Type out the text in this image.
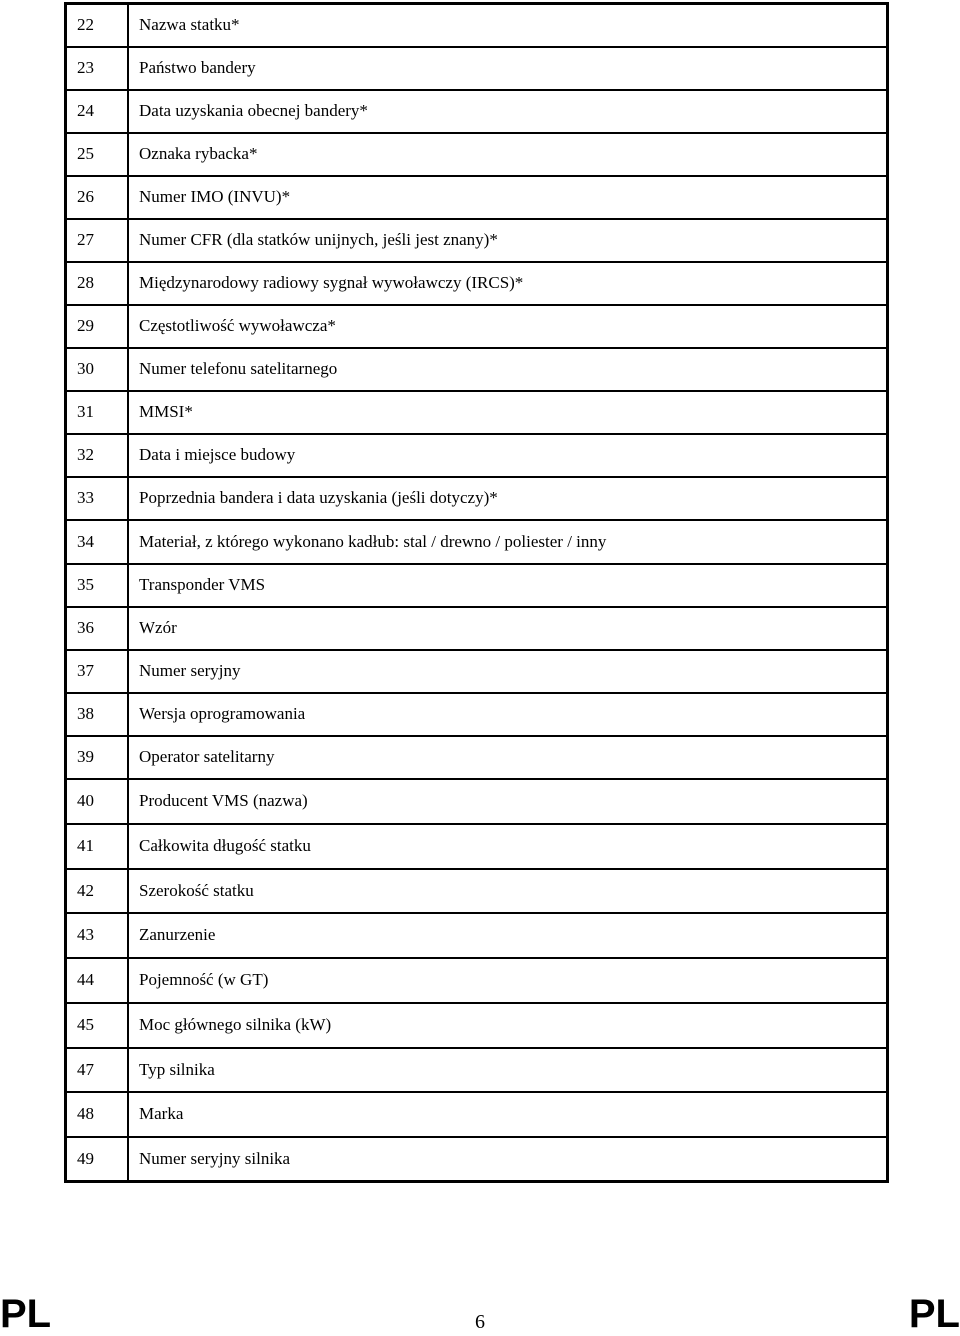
22	Nazwa statku*
23	Państwo bandery
24	Data uzyskania obecnej bandery*
25	Oznaka rybacka*
26	Numer IMO (INVU)*
27	Numer CFR (dla statków unijnych, jeśli jest znany)*
28	Międzynarodowy radiowy sygnał wywoławczy (IRCS)*
29	Częstotliwość wywoławcza*
30	Numer telefonu satelitarnego
31	MMSI*
32	Data i miejsce budowy
33	Poprzednia bandera i data uzyskania (jeśli dotyczy)*
34	Materiał, z którego wykonano kadłub: stal / drewno / poliester / inny
35	Transponder VMS
36	Wzór
37	Numer seryjny
38	Wersja oprogramowania
39	Operator satelitarny
40	Producent VMS (nazwa)
41	Całkowita długość statku
42	Szerokość statku
43	Zanurzenie
44	Pojemność (w GT)
45	Moc głównego silnika (kW)
47	Typ silnika
48	Marka
49	Numer seryjny silnika
PL	6	PL
